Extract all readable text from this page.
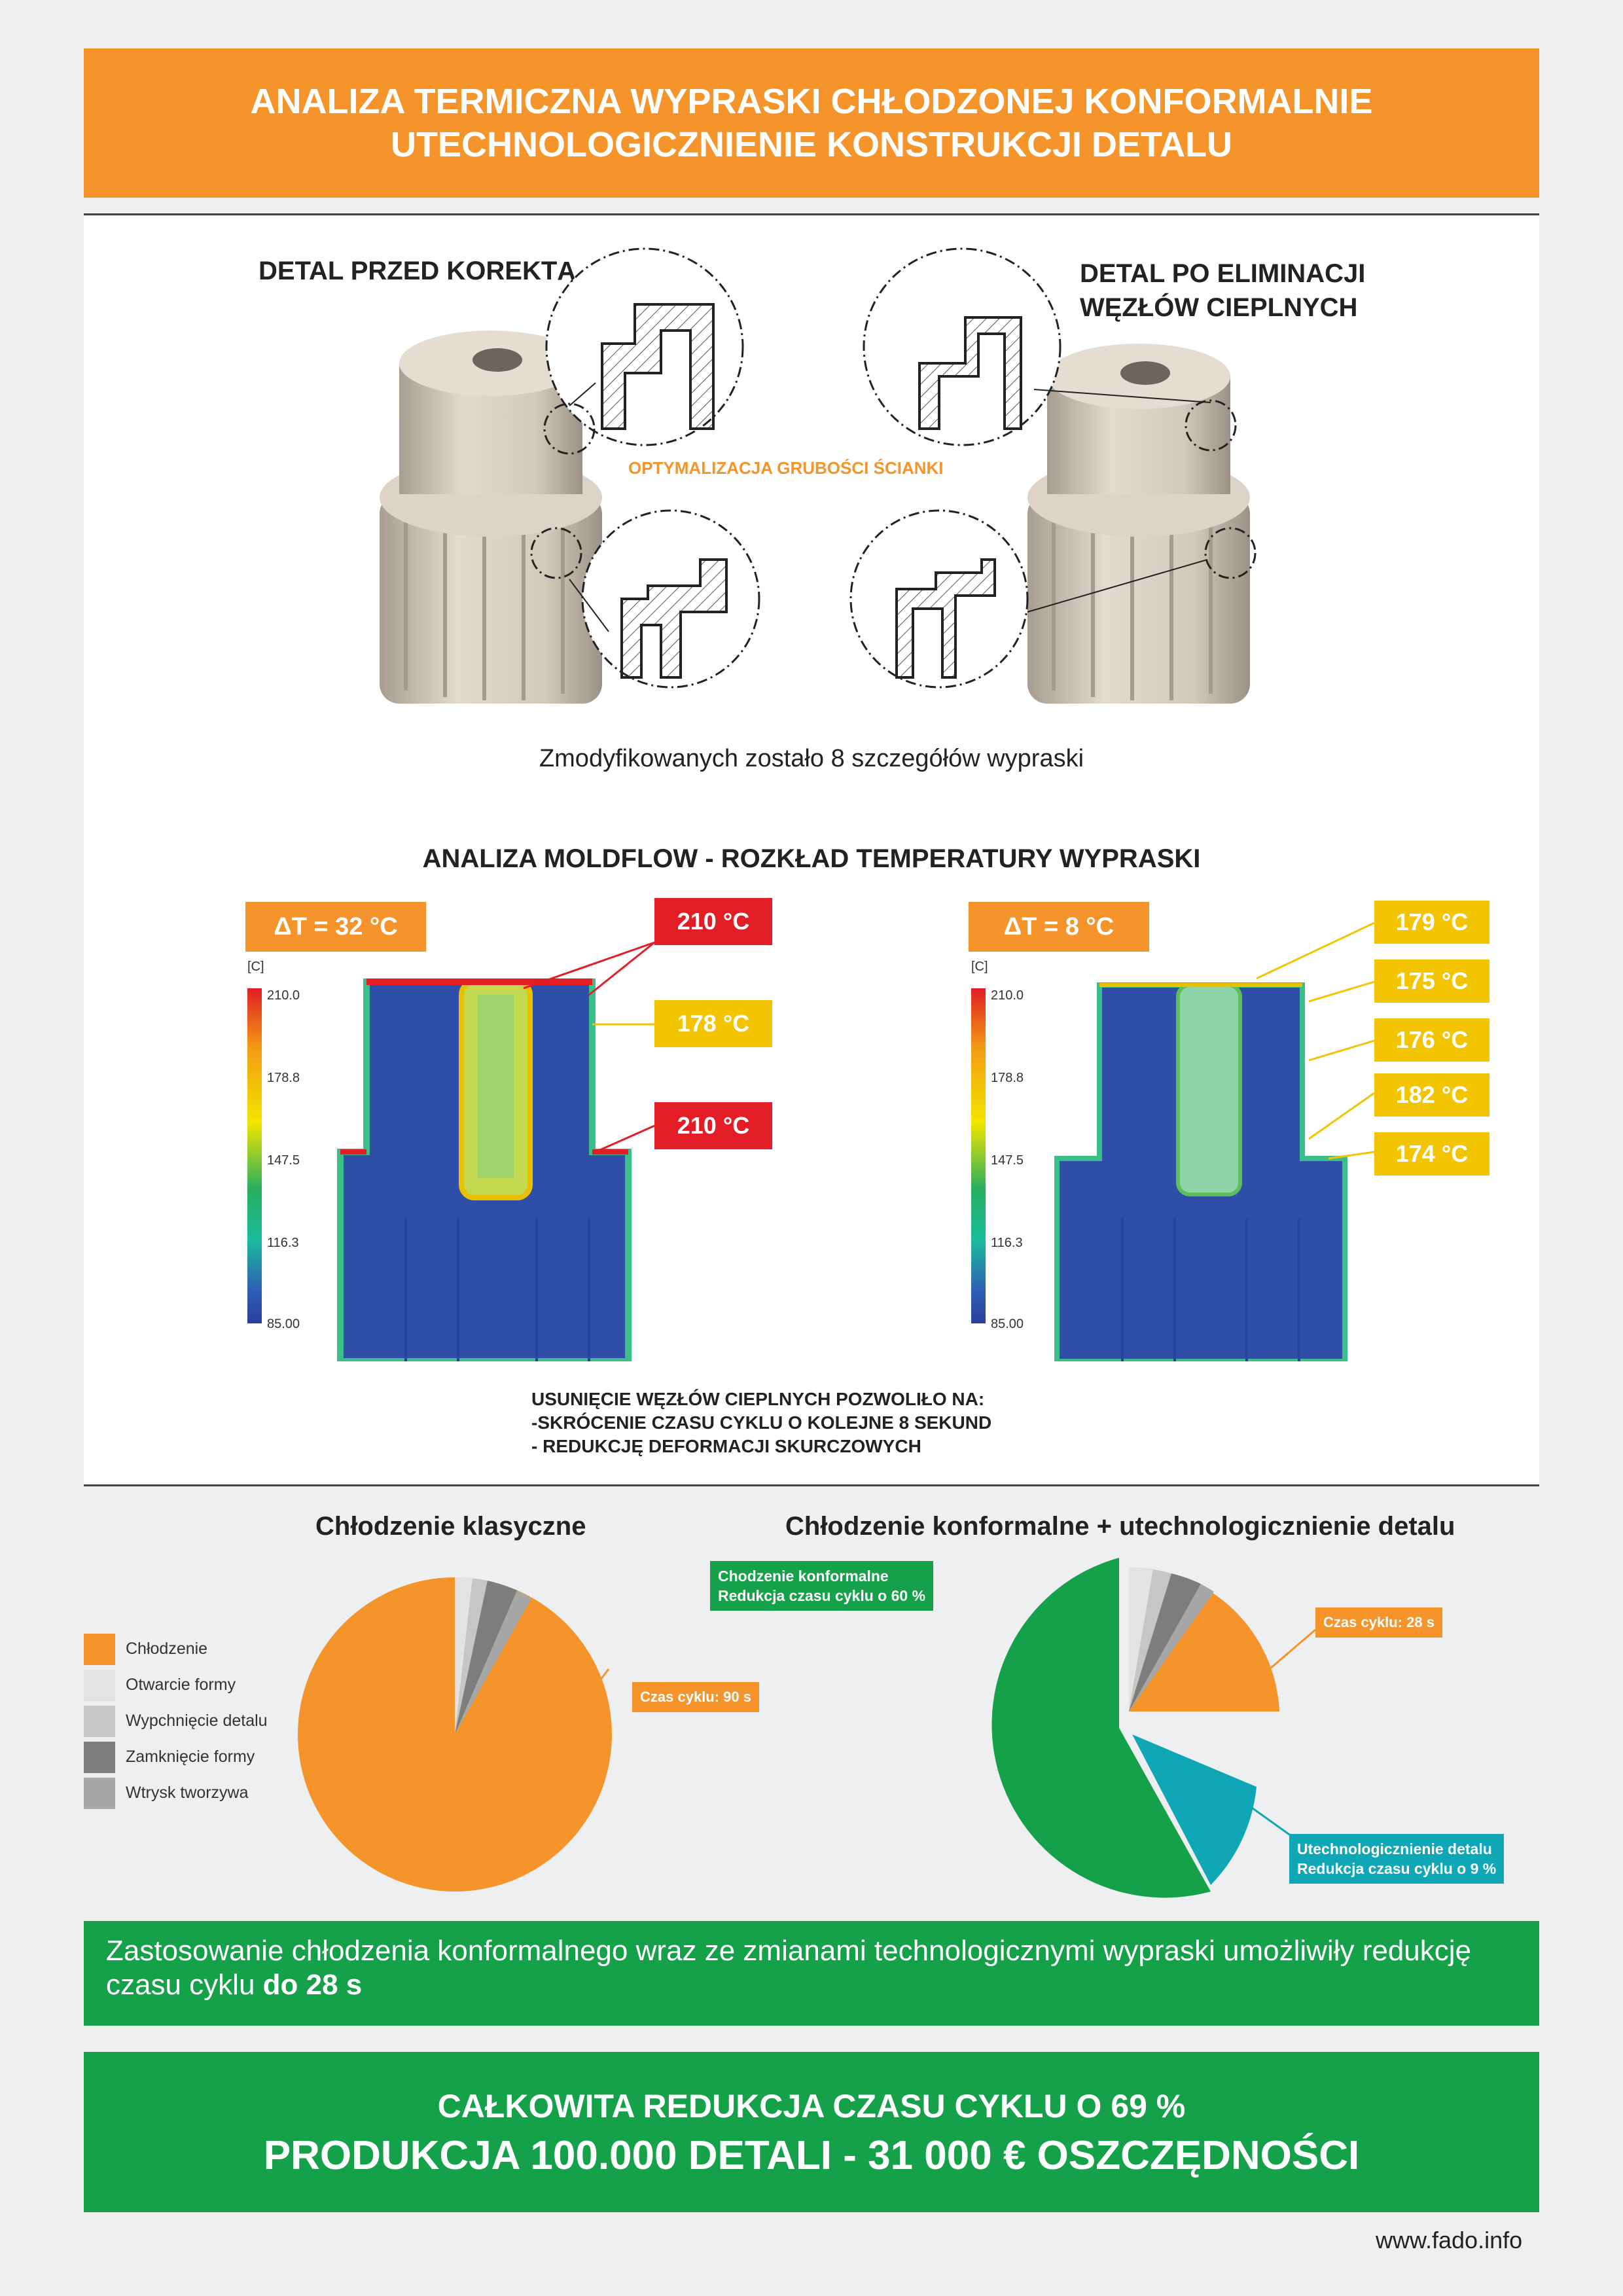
ANALIZA TERMICZNA WYPRASKI CHŁODZONEJ KONFORMALNIE
UTECHNOLOGICZNIENIE KONSTRUKCJI DETALU
DETAL PRZED KOREKTĄ	DETAL PO ELIMINACJI
WĘZŁÓW CIEPLNYCH
OPTYMALIZACJA GRUBOŚCI ŚCIANKI
Zmodyfikowanych zostało 8 szczegółów wypraski
ANALIZA MOLDFLOW - ROZKŁAD TEMPERATURY WYPRASKI
ΔT = 32 °C
[C]
210.0
178.8
147.5
116.3
85.00
210 °C
178 °C
210 °C
ΔT = 8 °C
[C]
210.0
178.8
147.5
116.3
85.00
179 °C
175 °C
176 °C
182 °C
174 °C
USUNIĘCIE WĘZŁÓW CIEPLNYCH POZWOLIŁO NA:
-SKRÓCENIE CZASU CYKLU O KOLEJNE 8 SEKUND
- REDUKCJĘ DEFORMACJI SKURCZOWYCH
Chłodzenie klasyczne	Chłodzenie konformalne + utechnologicznienie detalu
Chłodzenie
Otwarcie formy
Wypchnięcie detalu
Zamknięcie formy
Wtrysk tworzywa
Czas cyklu: 90 s
Czas cyklu: 28 s
Chodzenie konformalne
Redukcja czasu cyklu o 60 %
Utechnologicznienie detalu
Redukcja czasu cyklu o 9 %
Zastosowanie chłodzenia konformalnego wraz ze zmianami technologicznymi wypraski umożliwiły redukcję czasu cyklu do 28 s
CAŁKOWITA REDUKCJA CZASU CYKLU O 69 %
PRODUKCJA 100.000 DETALI - 31 000 € OSZCZĘDNOŚCI
www.fado.info
